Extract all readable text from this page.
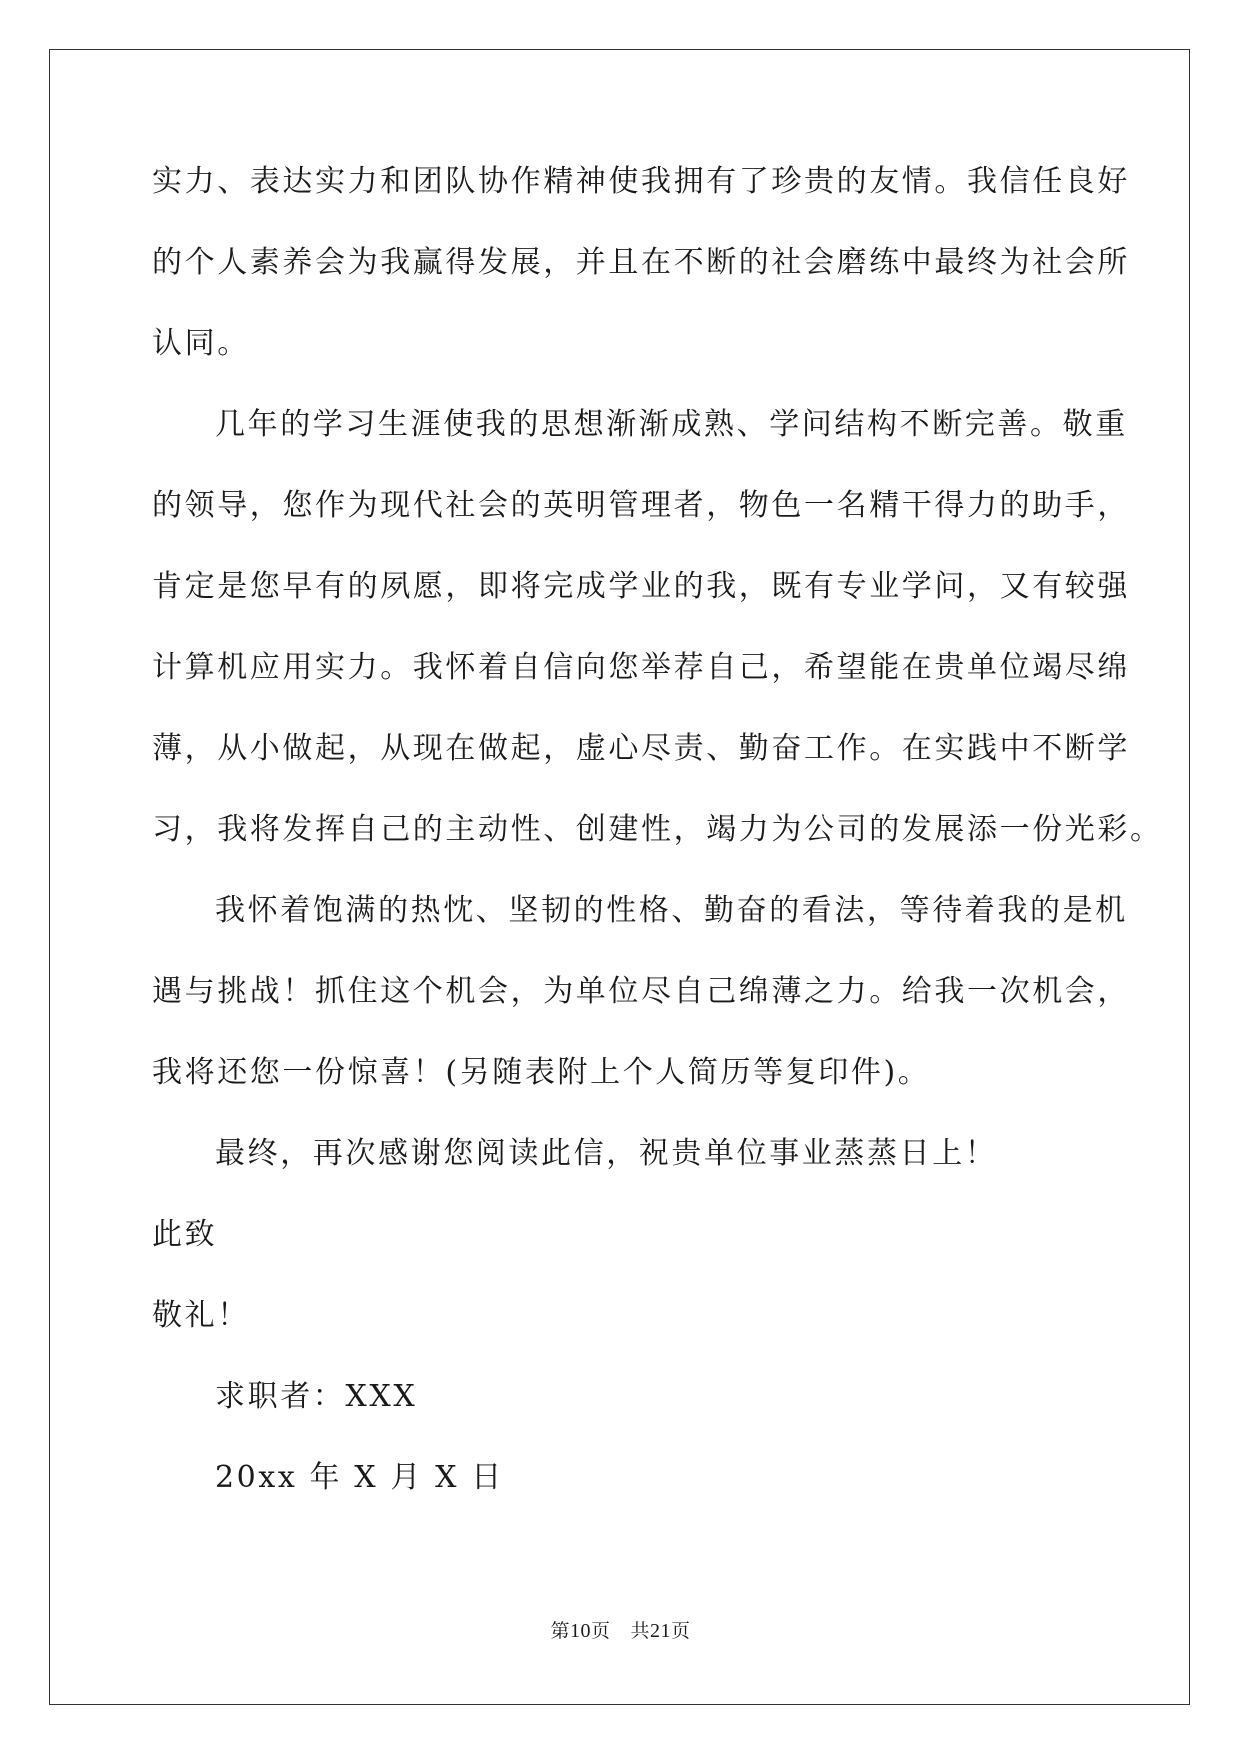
实力、表达实力和团队协作精神使我拥有了珍贵的友情。我信任良好
的个人素养会为我赢得发展，并且在不断的社会磨练中最终为社会所
认同。
几年的学习生涯使我的思想渐渐成熟、学问结构不断完善。敬重
的领导，您作为现代社会的英明管理者，物色一名精干得力的助手，
肯定是您早有的夙愿，即将完成学业的我，既有专业学问，又有较强
计算机应用实力。我怀着自信向您举荐自己，希望能在贵单位竭尽绵
薄，从小做起，从现在做起，虚心尽责、勤奋工作。在实践中不断学
习，我将发挥自己的主动性、创建性，竭力为公司的发展添一份光彩。
我怀着饱满的热忱、坚韧的性格、勤奋的看法，等待着我的是机
遇与挑战！抓住这个机会，为单位尽自己绵薄之力。给我一次机会，
我将还您一份惊喜！(另随表附上个人简历等复印件)。
最终，再次感谢您阅读此信，祝贵单位事业蒸蒸日上！
此致
敬礼！
求职者：XXX
20xx 年 X 月 X 日
第10页 共21页
